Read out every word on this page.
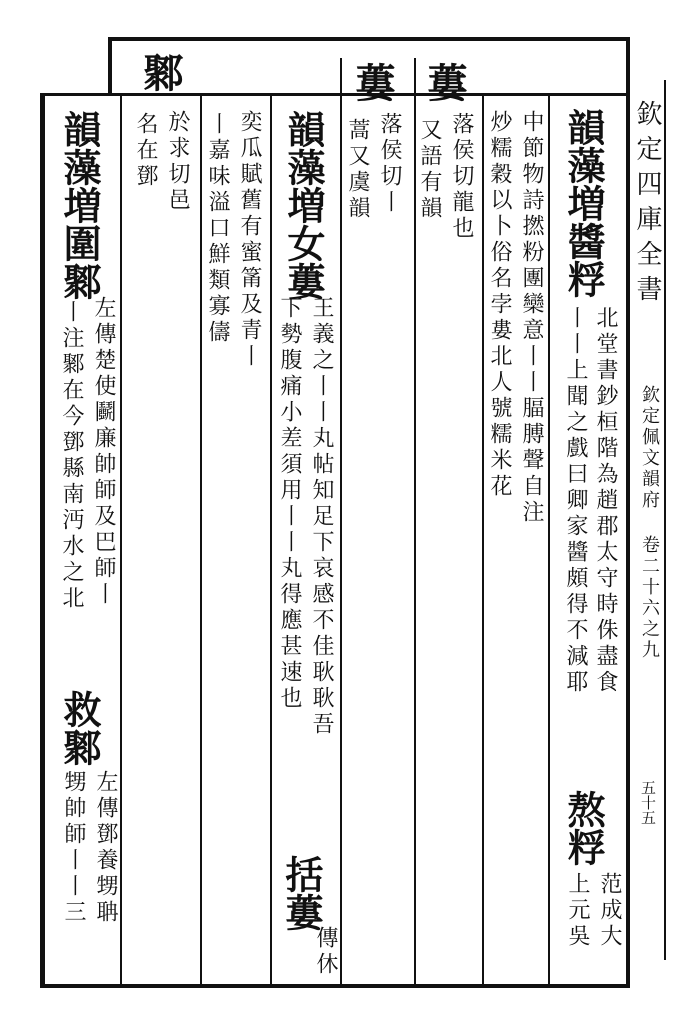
欽定四庫全書
欽定佩文韻府 卷二十六之九
五十五
韻藻増醬粰
北堂書鈔桓階為趙郡太守時侏盡食
丨丨上聞之戲曰卿家醬頗得不減耶
熬粰
范成大
上元吳
中節物詩撚粉團欒意丨丨腷膊聲自注
炒糯穀以卜俗名孛婁北人號糯米花
蔞
落侯切龍也
又語有韻
蔞
落侯切丨
蒿又虞韻
韻藻増女蔞
王義之丨丨丸帖知足下哀感不佳耿耿吾
下勢腹痛小差須用丨丨丸得應甚速也
括蔞
傳休
奕瓜賦舊有蜜筩及青丨
丨嘉味溢口鮮類寡儔
鄹
於求切邑
名在鄧
韻藻増圍鄹
左傳楚使鬬廉帥師及巴師丨
丨注鄹在今鄧縣南沔水之北
救鄹
左傳鄧養甥聃
甥帥師丨丨三
